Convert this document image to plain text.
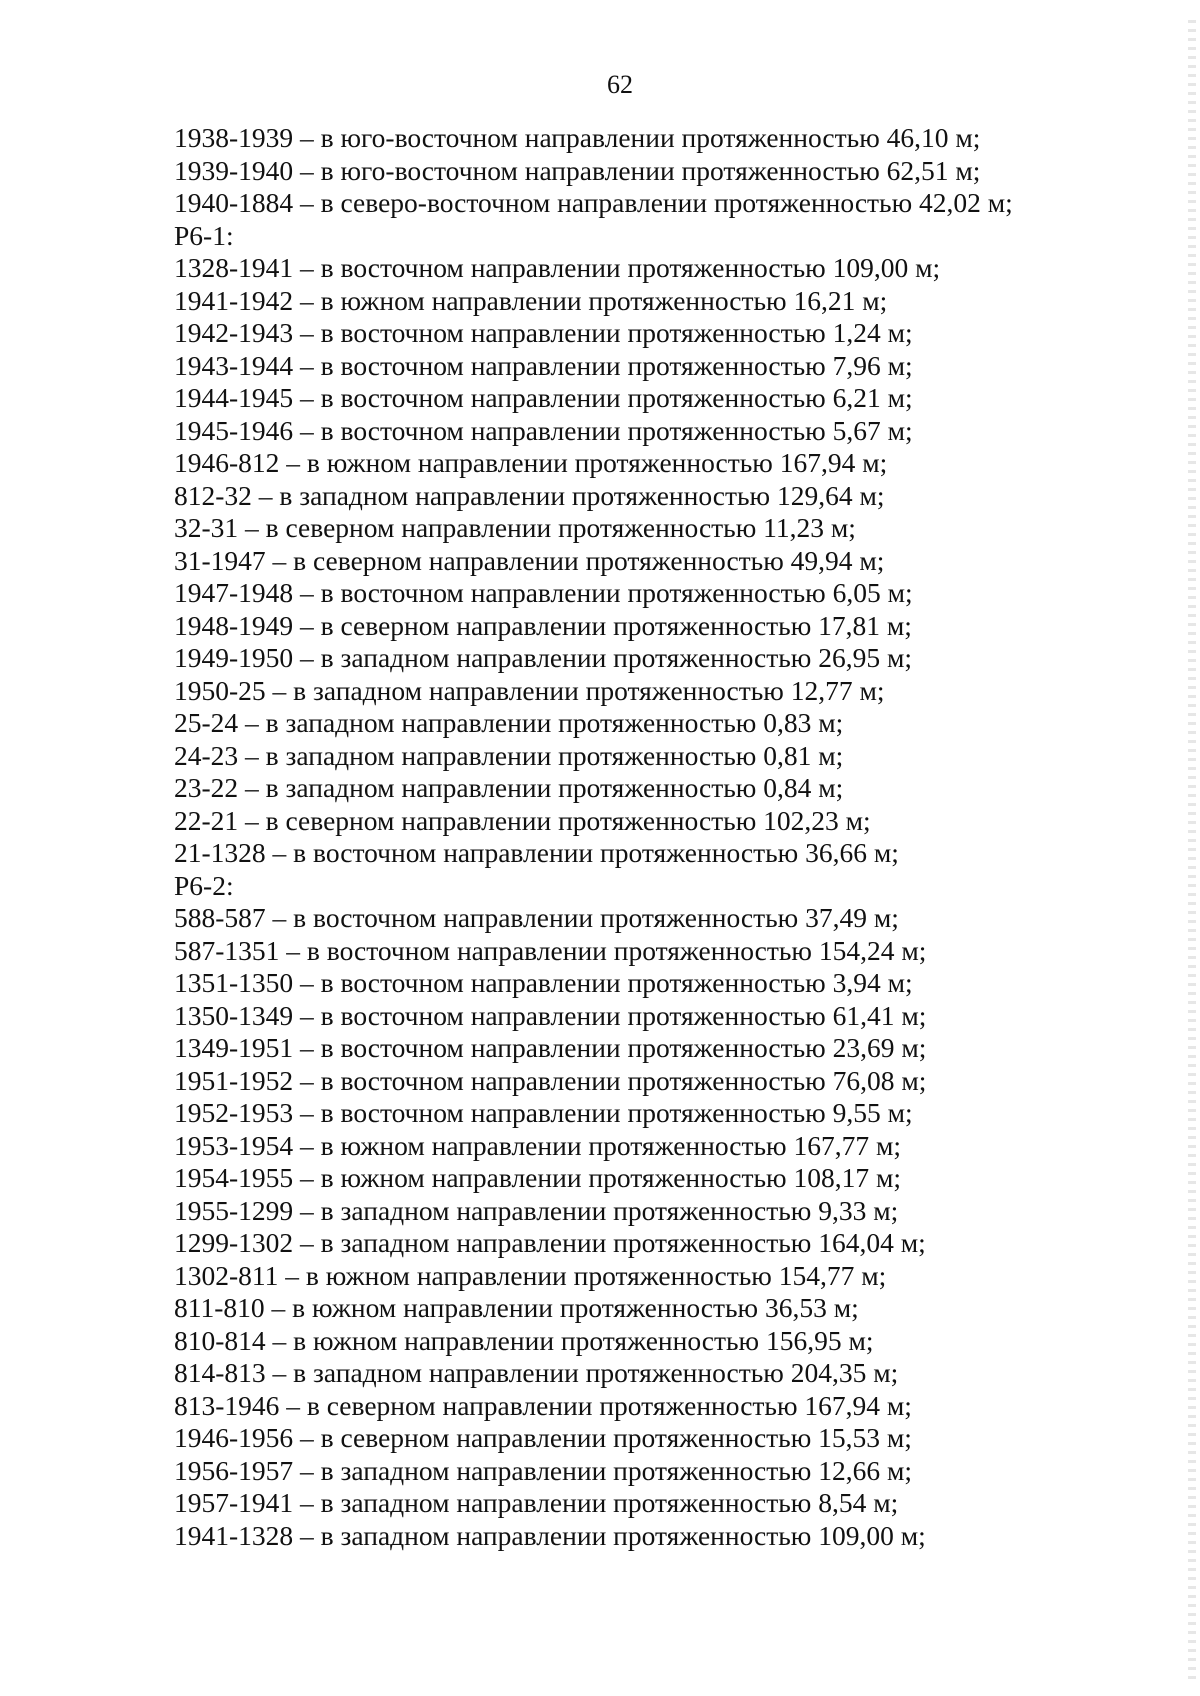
62
1938-1939 – в юго-восточном направлении протяженностью 46,10 м;
1939-1940 – в юго-восточном направлении протяженностью 62,51 м;
1940-1884 – в северо-восточном направлении протяженностью 42,02 м;
Р6-1:
1328-1941 – в восточном направлении протяженностью 109,00 м;
1941-1942 – в южном направлении протяженностью 16,21 м;
1942-1943 – в восточном направлении протяженностью 1,24 м;
1943-1944 – в восточном направлении протяженностью 7,96 м;
1944-1945 – в восточном направлении протяженностью 6,21 м;
1945-1946 – в восточном направлении протяженностью 5,67 м;
1946-812 – в южном направлении протяженностью 167,94 м;
812-32 – в западном направлении протяженностью 129,64 м;
32-31 – в северном направлении протяженностью 11,23 м;
31-1947 – в северном направлении протяженностью 49,94 м;
1947-1948 – в восточном направлении протяженностью 6,05 м;
1948-1949 – в северном направлении протяженностью 17,81 м;
1949-1950 – в западном направлении протяженностью 26,95 м;
1950-25 – в западном направлении протяженностью 12,77 м;
25-24 – в западном направлении протяженностью 0,83 м;
24-23 – в западном направлении протяженностью 0,81 м;
23-22 – в западном направлении протяженностью 0,84 м;
22-21 – в северном направлении протяженностью 102,23 м;
21-1328 – в восточном направлении протяженностью 36,66 м;
Р6-2:
588-587 – в восточном направлении протяженностью 37,49 м;
587-1351 – в восточном направлении протяженностью 154,24 м;
1351-1350 – в восточном направлении протяженностью 3,94 м;
1350-1349 – в восточном направлении протяженностью 61,41 м;
1349-1951 – в восточном направлении протяженностью 23,69 м;
1951-1952 – в восточном направлении протяженностью 76,08 м;
1952-1953 – в восточном направлении протяженностью 9,55 м;
1953-1954 – в южном направлении протяженностью 167,77 м;
1954-1955 – в южном направлении протяженностью 108,17 м;
1955-1299 – в западном направлении протяженностью 9,33 м;
1299-1302 – в западном направлении протяженностью 164,04 м;
1302-811 – в южном направлении протяженностью 154,77 м;
811-810 – в южном направлении протяженностью 36,53 м;
810-814 – в южном направлении протяженностью 156,95 м;
814-813 – в западном направлении протяженностью 204,35 м;
813-1946 – в северном направлении протяженностью 167,94 м;
1946-1956 – в северном направлении протяженностью 15,53 м;
1956-1957 – в западном направлении протяженностью 12,66 м;
1957-1941 – в западном направлении протяженностью 8,54 м;
1941-1328 – в западном направлении протяженностью 109,00 м;
